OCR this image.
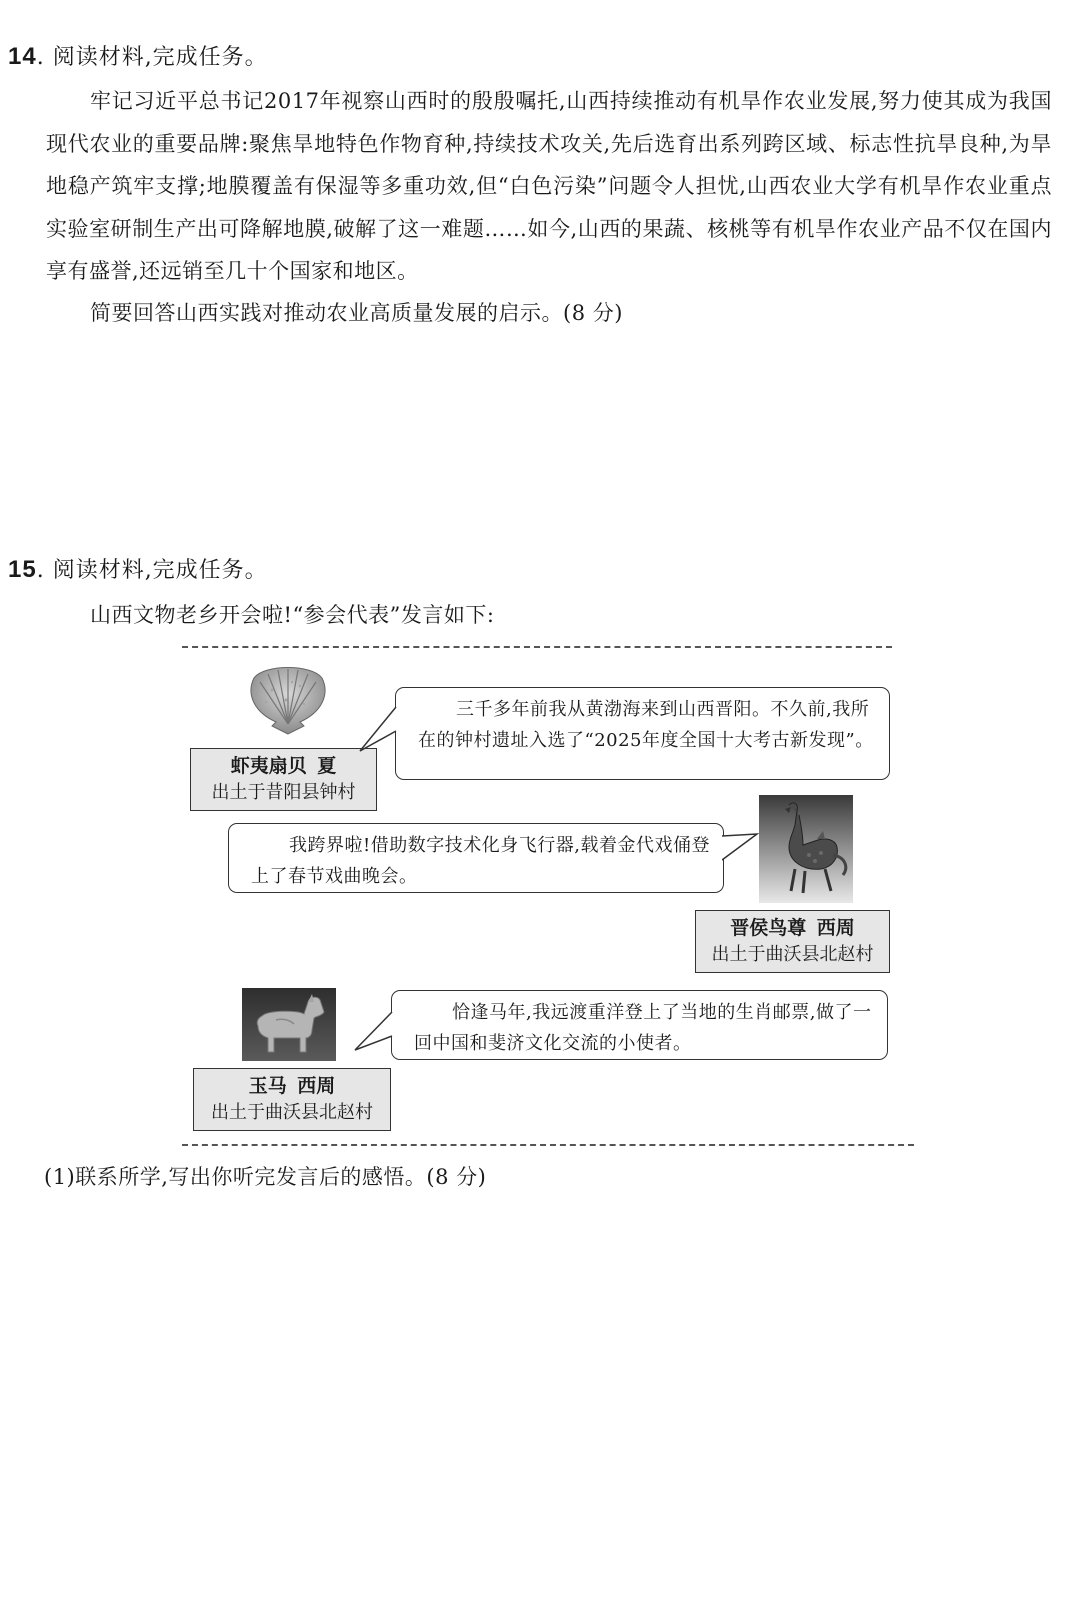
14. 阅读材料,完成任务。
牢记习近平总书记2017年视察山西时的殷殷嘱托,山西持续推动有机旱作农业发展,努力使其成为我国现代农业的重要品牌:聚焦旱地特色作物育种,持续技术攻关,先后选育出系列跨区域、标志性抗旱良种,为旱地稳产筑牢支撑;地膜覆盖有保湿等多重功效,但“白色污染”问题令人担忧,山西农业大学有机旱作农业重点实验室研制生产出可降解地膜,破解了这一难题……如今,山西的果蔬、核桃等有机旱作农业产品不仅在国内享有盛誉,还远销至几十个国家和地区。
简要回答山西实践对推动农业高质量发展的启示。(8 分)
15. 阅读材料,完成任务。
山西文物老乡开会啦!“参会代表”发言如下:
虾夷扇贝  夏
出土于昔阳县钟村
三千多年前我从黄渤海来到山西晋阳。不久前,我所在的钟村遗址入选了“2025年度全国十大考古新发现”。
我跨界啦!借助数字技术化身飞行器,载着金代戏俑登上了春节戏曲晚会。
晋侯鸟尊  西周
出土于曲沃县北赵村
恰逢马年,我远渡重洋登上了当地的生肖邮票,做了一回中国和斐济文化交流的小使者。
玉马  西周
出土于曲沃县北赵村
(1)联系所学,写出你听完发言后的感悟。(8 分)
